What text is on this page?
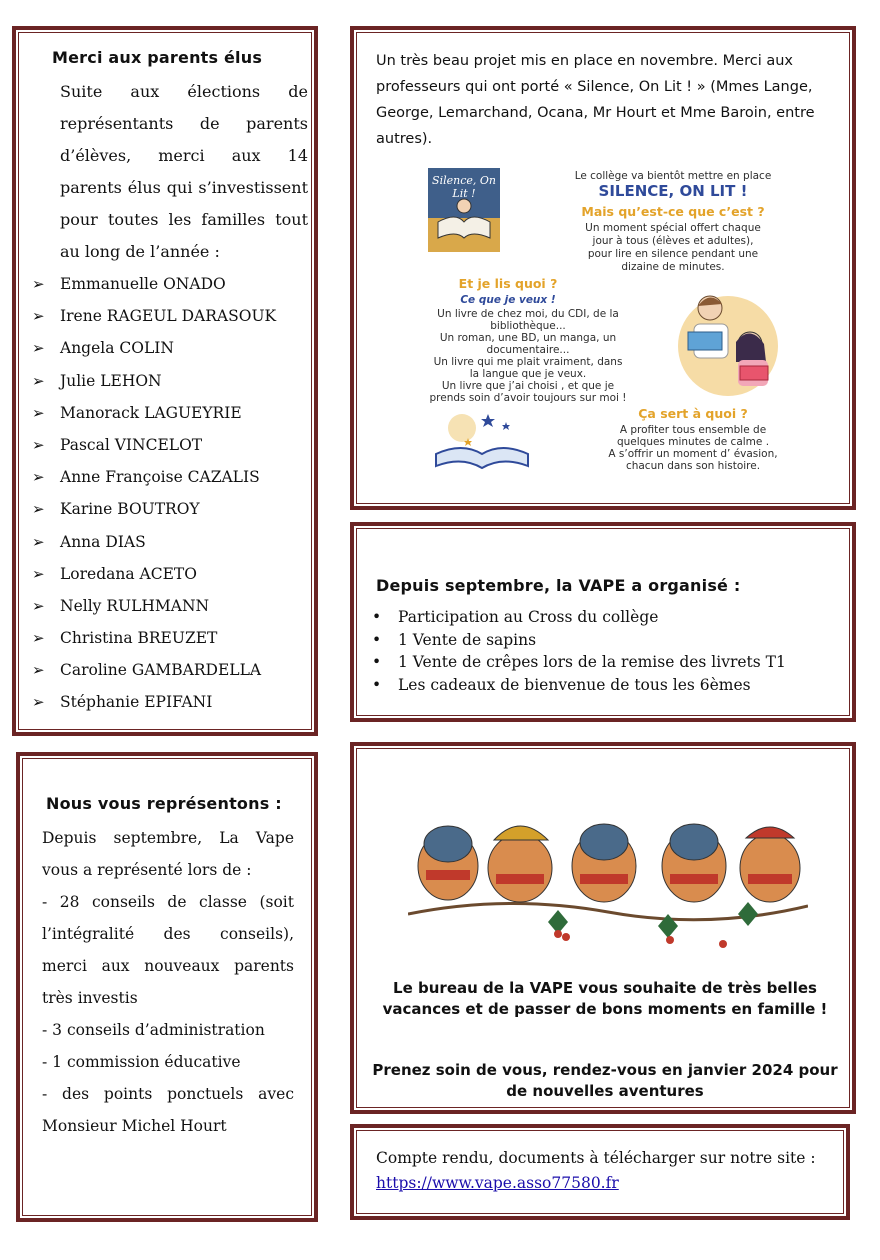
Merci aux parents élus
Suite aux élections de représentants de parents d’élèves, merci aux 14 parents élus qui s’investissent pour toutes les familles tout au long de l’année :
➢ Emmanuelle ONADO
➢ Irene RAGEUL DARASOUK
➢ Angela COLIN
➢ Julie LEHON
➢ Manorack LAGUEYRIE
➢ Pascal VINCELOT
➢ Anne Françoise CAZALIS
➢ Karine BOUTROY
➢ Anna DIAS
➢ Loredana ACETO
➢ Nelly RULHMANN
➢ Christina BREUZET
➢ Caroline GAMBARDELLA
➢ Stéphanie EPIFANI
Un très beau projet mis en place en novembre. Merci aux professeurs qui ont porté « Silence, On Lit ! » (Mmes Lange, George, Lemarchand, Ocana, Mr Hourt et Mme Baroin, entre autres).
Silence, On Lit !
Le collège va bientôt mettre en place
SILENCE, ON LIT !
Mais qu’est-ce que c’est ?
Un moment spécial offert chaque
jour à tous (élèves et adultes),
pour lire en silence pendant une
dizaine de minutes.
Et je lis quoi ?
Ce que je veux !
Un livre de chez moi, du CDI, de la
bibliothèque...
Un roman, une BD, un manga, un
documentaire...
Un livre qui me plait vraiment, dans
la langue que je veux.
Un livre que j’ai choisi , et que je
prends soin d’avoir toujours sur moi !
Ça sert à quoi ?
A profiter tous ensemble de
quelques minutes de calme .
A s’offrir un moment d’ évasion,
chacun dans son histoire.
Depuis septembre, la VAPE a organisé :
• Participation au Cross du collège
• 1 Vente de sapins
• 1 Vente de crêpes lors de la remise des livrets T1
• Les cadeaux de bienvenue de tous les 6èmes
Nous vous représentons :

Depuis septembre, La Vape vous a représenté lors de :

- 28 conseils de classe (soit l’intégralité des conseils), merci aux nouveaux parents très investis

- 3 conseils d’administration

- 1 commission éducative

- des points ponctuels avec Monsieur Michel Hourt

Le bureau de la VAPE vous souhaite de très belles vacances et de passer de bons moments en famille !
Prenez soin de vous, rendez-vous en janvier 2024 pour de nouvelles aventures
Compte rendu, documents à télécharger sur notre site :
https://www.vape.asso77580.fr
